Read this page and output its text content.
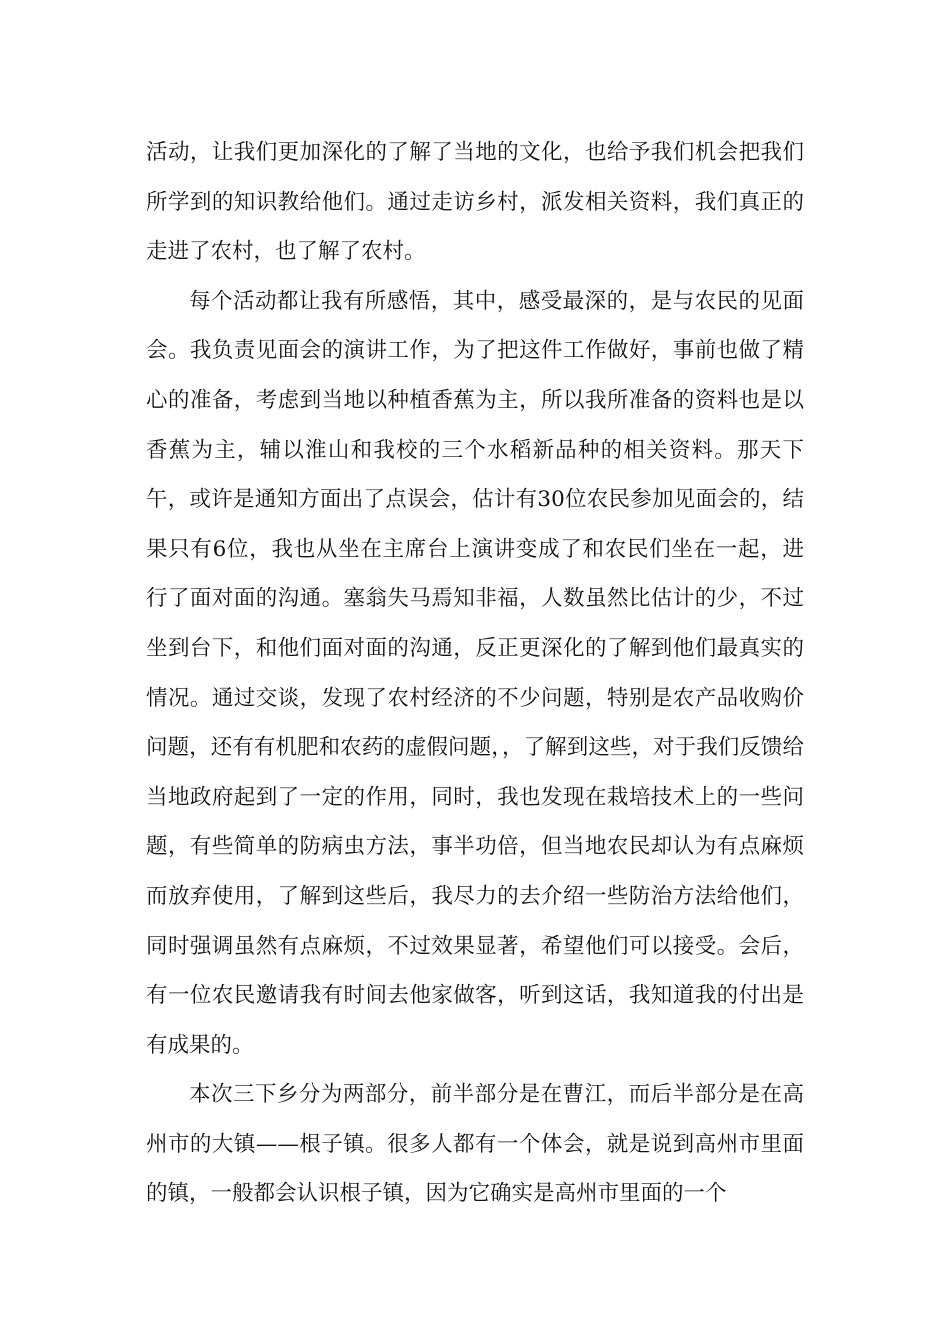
活动，让我们更加深化的了解了当地的文化，也给予我们机会把我们所学到的知识教给他们。通过走访乡村，派发相关资料，我们真正的走进了农村，也了解了农村。

每个活动都让我有所感悟，其中，感受最深的，是与农民的见面会。我负责见面会的演讲工作，为了把这件工作做好，事前也做了精心的准备，考虑到当地以种植香蕉为主，所以我所准备的资料也是以香蕉为主，辅以淮山和我校的三个水稻新品种的相关资料。那天下午，或许是通知方面出了点误会，估计有30位农民参加见面会的，结果只有6位，我也从坐在主席台上演讲变成了和农民们坐在一起，进行了面对面的沟通。塞翁失马焉知非福，人数虽然比估计的少，不过坐到台下，和他们面对面的沟通，反正更深化的了解到他们最真实的情况。通过交谈，发现了农村经济的不少问题，特别是农产品收购价问题，还有有机肥和农药的虚假问题，，了解到这些，对于我们反馈给当地政府起到了一定的作用，同时，我也发现在栽培技术上的一些问题，有些简单的防病虫方法，事半功倍，但当地农民却认为有点麻烦而放弃使用，了解到这些后，我尽力的去介绍一些防治方法给他们，同时强调虽然有点麻烦，不过效果显著，希望他们可以接受。会后，有一位农民邀请我有时间去他家做客，听到这话，我知道我的付出是有成果的。

本次三下乡分为两部分，前半部分是在曹江，而后半部分是在高州市的大镇——根子镇。很多人都有一个体会，就是说到高州市里面的镇，一般都会认识根子镇，因为它确实是高州市里面的一个
